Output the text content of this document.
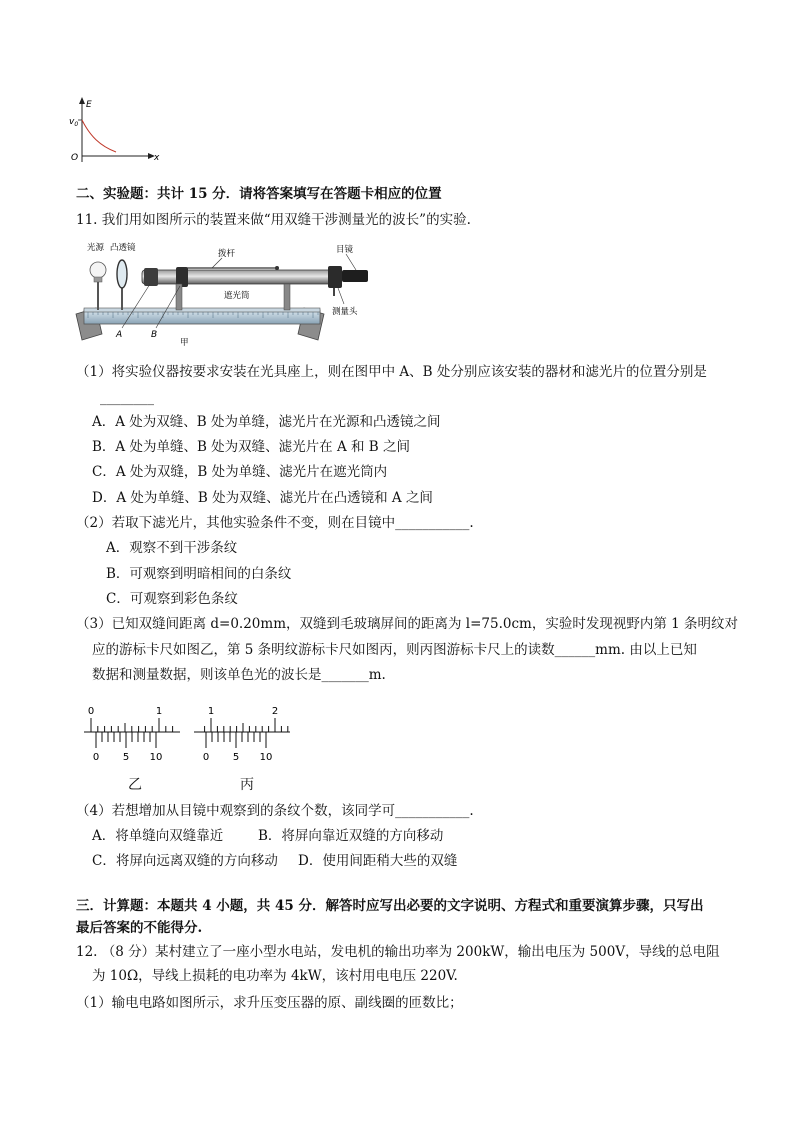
E
x
O
$v_0$
二、实验题：共计 15 分．请将答案填写在答题卡相应的位置
11. 我们用如图所示的装置来做“用双缝干涉测量光的波长”的实验.
光源 凸透镜
拨杆	目镜
遮光筒
测量头
A	B
甲
（1）将实验仪器按要求安装在光具座上，则在图甲中 A、B 处分别应该安装的器材和滤光片的位置分别是
________
A．A 处为双缝、B 处为单缝，滤光片在光源和凸透镜之间
B．A 处为单缝、B 处为双缝、滤光片在 A 和 B 之间
C．A 处为双缝，B 处为单缝、滤光片在遮光筒内
D．A 处为单缝、B 处为双缝、滤光片在凸透镜和 A 之间
（2）若取下滤光片，其他实验条件不变，则在目镜中___________.
A．观察不到干涉条纹
B．可观察到明暗相间的白条纹
C．可观察到彩色条纹
（3）已知双缝间距离 d=0.20mm，双缝到毛玻璃屏间的距离为 l=75.0cm，实验时发现视野内第 1 条明纹对
应的游标卡尺如图乙，第 5 条明纹游标卡尺如图丙，则丙图游标卡尺上的读数______mm. 由以上已知
数据和测量数据，则该单色光的波长是_______m.
0	1
0 5 10
乙
1	2
0 5 10
丙
（4）若想增加从目镜中观察到的条纹个数，该同学可___________.
A．将单缝向双缝靠近	B．将屏向靠近双缝的方向移动
C．将屏向远离双缝的方向移动 D．使用间距稍大些的双缝
三．计算题：本题共 4 小题，共 45 分．解答时应写出必要的文字说明、方程式和重要演算步骤，只写出
最后答案的不能得分.
12. （8 分）某村建立了一座小型水电站，发电机的输出功率为 200kW，输出电压为 500V，导线的总电阻
为 10Ω，导线上损耗的电功率为 4kW，该村用电电压 220V.
（1）输电电路如图所示，求升压变压器的原、副线圈的匝数比；
